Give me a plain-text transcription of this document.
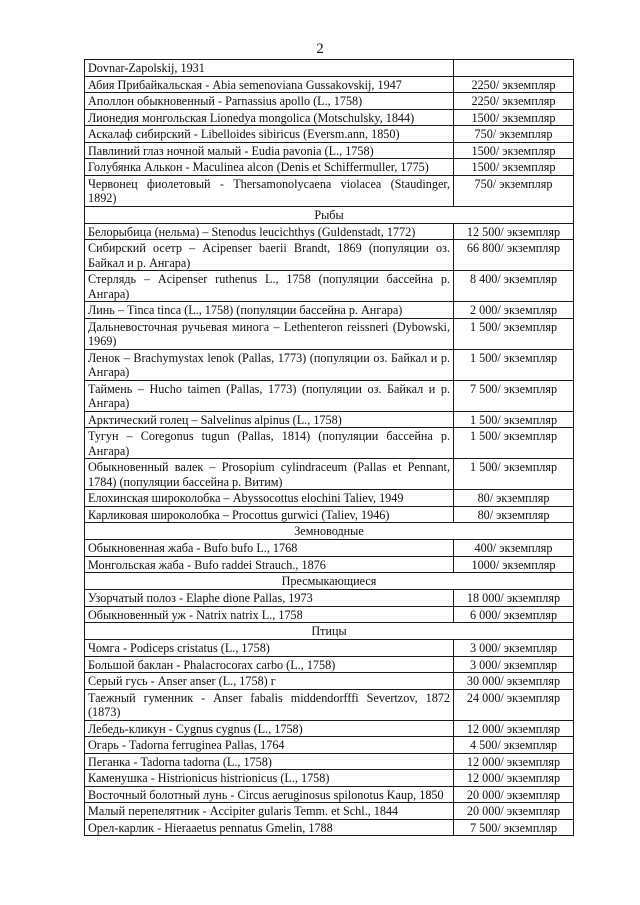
2
Dovnar-Zapolskij, 1931	
Абия Прибайкальская - Abia semenoviana Gussakovskij, 1947	2250/ экземпляр
Аполлон обыкновенный - Parnassius apollo (L., 1758)	2250/ экземпляр
Лионедия монгольская Lionedya mongolica (Motschulsky, 1844)	1500/ экземпляр
Аскалаф сибирский - Libelloides sibiricus (Eversm.ann, 1850)	750/ экземпляр
Павлиний глаз ночной малый - Eudia pavonia (L., 1758)	1500/ экземпляр
Голубянка Алькон - Maculinea alcon (Denis et Schiffermuller, 1775)	1500/ экземпляр
Червонец фиолетовый - Thersamonolycaena violacea (Staudinger, 1892)	750/ экземпляр
Рыбы	
Белорыбица (нельма) – Stenodus leucichthys (Guldenstadt, 1772)	12 500/ экземпляр
Сибирский осетр – Acipenser baerii Brandt, 1869 (популяции оз. Байкал и р. Ангара)	66 800/ экземпляр
Стерлядь – Acipenser ruthenus L., 1758 (популяции бассейна р. Ангара)	8 400/ экземпляр
Линь – Tinca tinca (L., 1758) (популяции бассейна р. Ангара)	2 000/ экземпляр
Дальневосточная ручьевая минога – Lethenteron reissneri (Dybowski, 1969)	1 500/ экземпляр
Ленок – Brachymystax lenok (Pallas, 1773) (популяции оз. Байкал и р. Ангара)	1 500/ экземпляр
Таймень – Hucho taimen (Pallas, 1773) (популяции оз. Байкал и р. Ангара)	7 500/ экземпляр
Арктический голец – Salvelinus alpinus (L., 1758)	1 500/ экземпляр
Тугун – Coregonus tugun (Pallas, 1814) (популяции бассейна р. Ангара)	1 500/ экземпляр
Обыкновенный валек – Prosopium cylindraceum (Pallas et Pennant, 1784) (популяции бассейна р. Витим)	1 500/ экземпляр
Елохинская широколобка – Abyssocottus elochini Taliev, 1949	80/ экземпляр
Карликовая широколобка – Procottus gurwici (Taliev, 1946)	80/ экземпляр
Земноводные	
Обыкновенная жаба - Bufo bufo L., 1768	400/ экземпляр
Монгольская жаба - Bufo raddei Strauch., 1876	1000/ экземпляр
Пресмыкающиеся	
Узорчатый полоз - Elaphe dione Pallas, 1973	18 000/ экземпляр
Обыкновенный уж - Natrix natrix L., 1758	6 000/ экземпляр
Птицы	
Чомга - Podiceps cristatus (L., 1758)	3 000/ экземпляр
Большой баклан - Phalacrocorax carbo (L., 1758)	3 000/ экземпляр
Серый гусь - Anser anser (L., 1758) г	30 000/ экземпляр
Таежный гуменник - Anser fabalis middendorfffi Severtzov, 1872 (1873)	24 000/ экземпляр
Лебедь-кликун - Cygnus cygnus (L., 1758)	12 000/ экземпляр
Огарь - Tadorna ferruginea Pallas, 1764	4 500/ экземпляр
Пеганка - Tadorna tadorna (L., 1758)	12 000/ экземпляр
Каменушка - Histrionicus histrionicus (L., 1758)	12 000/ экземпляр
Восточный болотный лунь - Circus aeruginosus spilonotus Kaup, 1850	20 000/ экземпляр
Малый перепелятник - Accipiter gularis Temm. et Schl., 1844	20 000/ экземпляр
Орел-карлик - Hieraaetus pennatus Gmelin, 1788	7 500/ экземпляр
